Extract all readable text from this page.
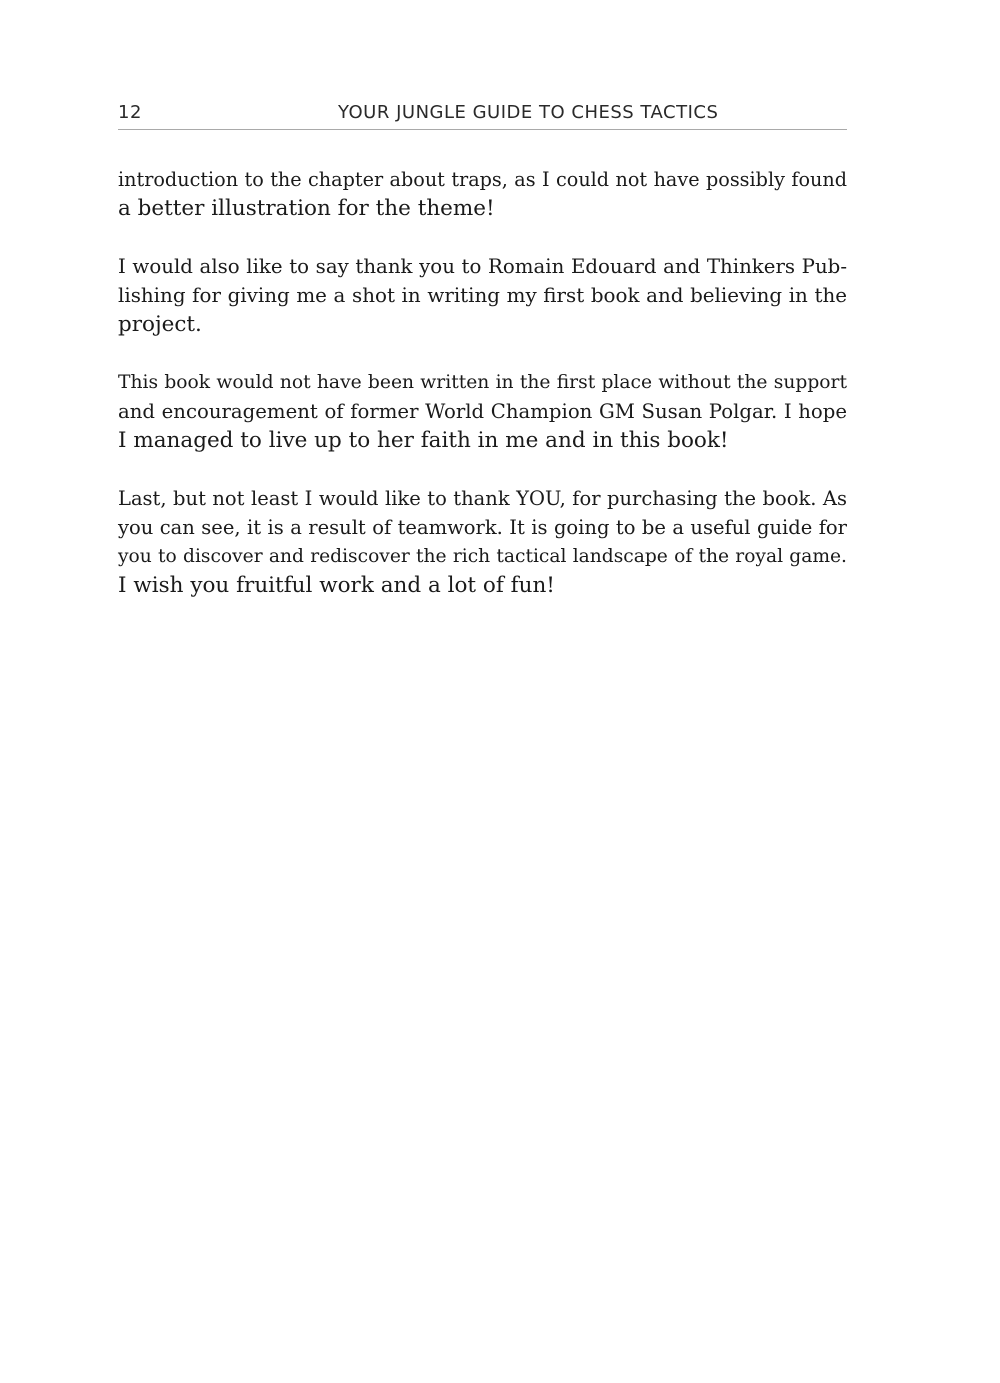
12	YOUR JUNGLE GUIDE TO CHESS TACTICS

introduction to the chapter about traps, as I could not have possibly found
a better illustration for the theme!

I would also like to say thank you to Romain Edouard and Thinkers Pub-
lishing for giving me a shot in writing my first book and believing in the
project.

This book would not have been written in the first place without the support
and encouragement of former World Champion GM Susan Polgar. I hope
I managed to live up to her faith in me and in this book!

Last, but not least I would like to thank YOU, for purchasing the book. As
you can see, it is a result of teamwork. It is going to be a useful guide for
you to discover and rediscover the rich tactical landscape of the royal game.
I wish you fruitful work and a lot of fun!
